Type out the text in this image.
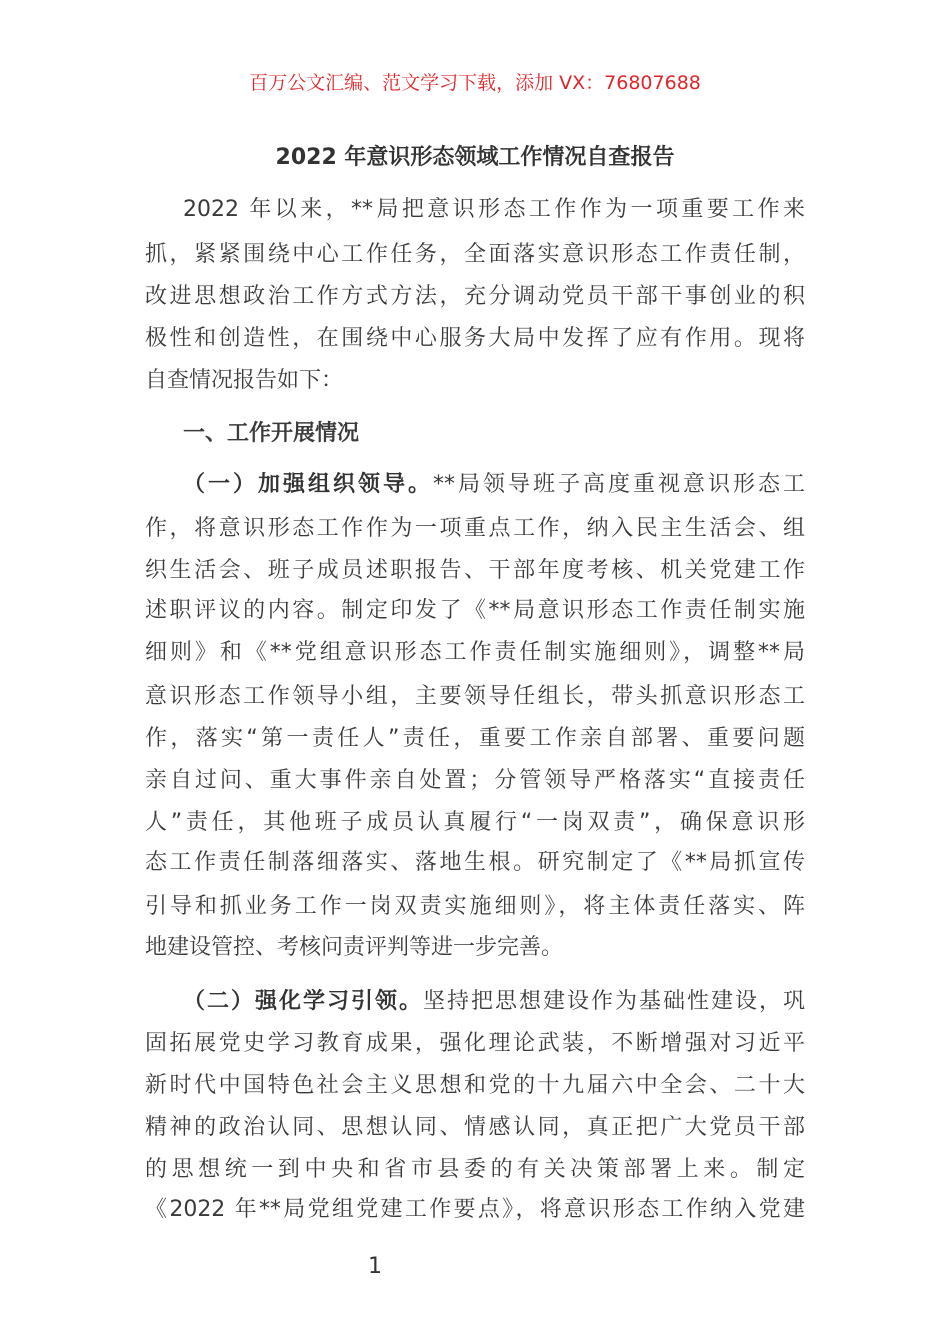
百万公文汇编、范文学习下载，添加 VX：76807688
2022 年意识形态领域工作情况自查报告
2022 年以来，**局把意识形态工作作为一项重要工作来
抓，紧紧围绕中心工作任务，全面落实意识形态工作责任制，
改进思想政治工作方式方法，充分调动党员干部干事创业的积
极性和创造性，在围绕中心服务大局中发挥了应有作用。现将
自查情况报告如下：
一、工作开展情况
（一）加强组织领导。**局领导班子高度重视意识形态工
作，将意识形态工作作为一项重点工作，纳入民主生活会、组
织生活会、班子成员述职报告、干部年度考核、机关党建工作
述职评议的内容。制定印发了《**局意识形态工作责任制实施
细则》和《**党组意识形态工作责任制实施细则》，调整**局
意识形态工作领导小组，主要领导任组长，带头抓意识形态工
作，落实“第一责任人”责任，重要工作亲自部署、重要问题
亲自过问、重大事件亲自处置；分管领导严格落实“直接责任
人”责任，其他班子成员认真履行“一岗双责”，确保意识形
态工作责任制落细落实、落地生根。研究制定了《**局抓宣传
引导和抓业务工作一岗双责实施细则》，将主体责任落实、阵
地建设管控、考核问责评判等进一步完善。
（二）强化学习引领。坚持把思想建设作为基础性建设，巩
固拓展党史学习教育成果，强化理论武装，不断增强对习近平
新时代中国特色社会主义思想和党的十九届六中全会、二十大
精神的政治认同、思想认同、情感认同，真正把广大党员干部
的思想统一到中央和省市县委的有关决策部署上来。制定
《2022 年**局党组党建工作要点》，将意识形态工作纳入党建
1
